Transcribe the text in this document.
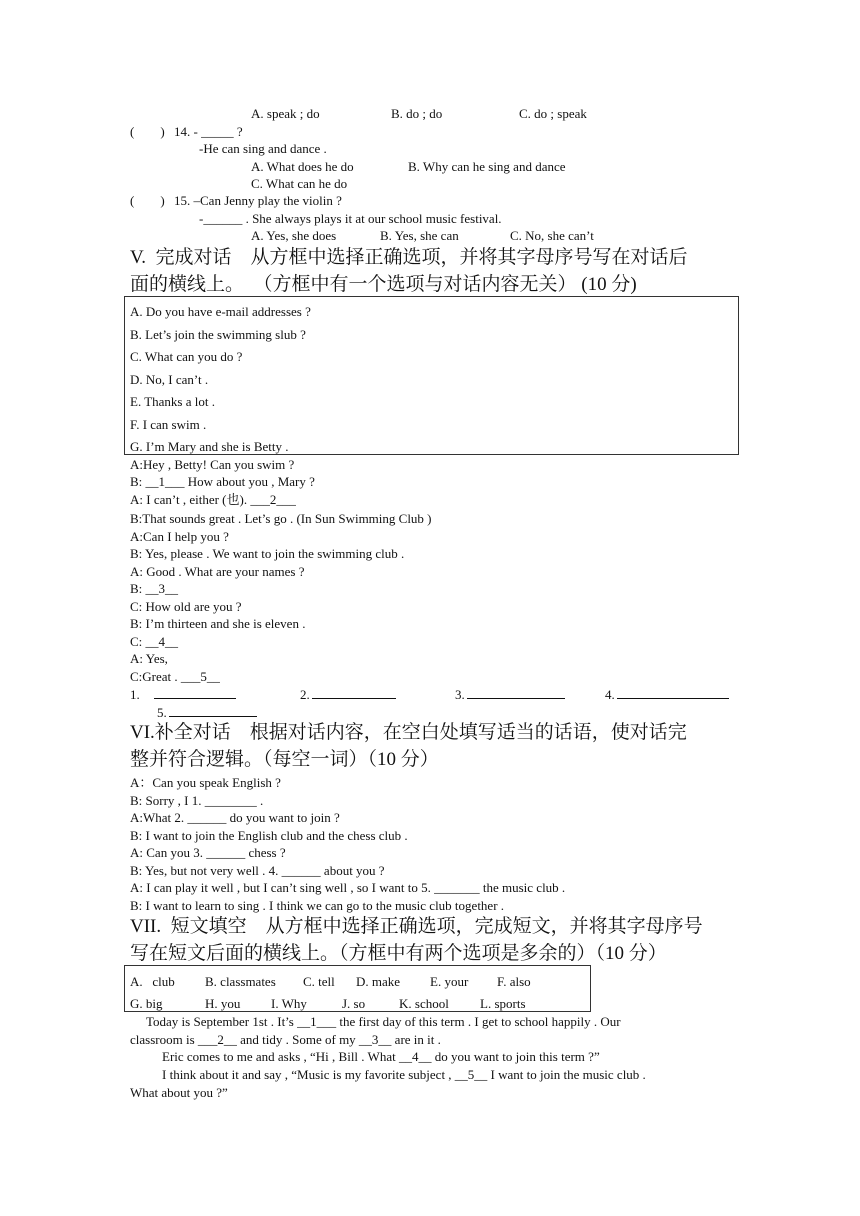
A. speak ; do	B. do ; do	C. do ; speak
(        ) 14. - _____ ?
-He can sing and dance .
A. What does he do	B. Why can he sing and dance
C. What can he do
(        ) 15. –Can Jenny play the violin ?
-______ . She always plays it at our school music festival.
A. Yes, she does	B. Yes, she can	C. No, she can’t
V.  完成对话    从方框中选择正确选项，并将其字母序号写在对话后
面的横线上。  （方框中有一个选项与对话内容无关） (10 分)
A. Do you have e-mail addresses ?
B. Let’s join the swimming slub ?
C. What can you do ?
D. No, I can’t .
E. Thanks a lot .
F. I can swim .
G. I’m Mary and she is Betty .
A:Hey , Betty! Can you swim ?
B: __1___ How about you , Mary ?
A: I can’t , either (也). ___2___
B:That sounds great . Let’s go . (In Sun Swimming Club )
A:Can I help you ?
B: Yes, please . We want to join the swimming club .
A: Good . What are your names ?
B: __3__
C: How old are you ?
B: I’m thirteen and she is eleven .
C: __4__
A: Yes,
C:Great . ___5__
1.	2.	3.	4.
5.
VI.补全对话    根据对话内容，在空白处填写适当的话语，使对话完
整并符合逻辑。（每空一词）（10 分）
A：Can you speak English ?
B: Sorry , I 1. ________ .
A:What 2. ______ do you want to join ?
B: I want to join the English club and the chess club .
A: Can you 3. ______ chess ?
B: Yes, but not very well . 4. ______ about you ?
A: I can play it well , but I can’t sing well , so I want to 5. _______ the music club .
B: I want to learn to sing . I think we can go to the music club together .
VII.  短文填空    从方框中选择正确选项，完成短文，并将其字母序号
写在短文后面的横线上。（方框中有两个选项是多余的）（10 分）
A.   club B. classmates C. tell D. make E. your F. also
G. big	H. you I. Why	J. so	K. school L. sports
Today is September 1st . It’s __1___ the first day of this term . I get to school happily . Our
classroom is ___2__ and tidy . Some of my __3__ are in it .
Eric comes to me and asks , “Hi , Bill . What __4__ do you want to join this term ?”
I think about it and say , “Music is my favorite subject , __5__ I want to join the music club .
What about you ?”
